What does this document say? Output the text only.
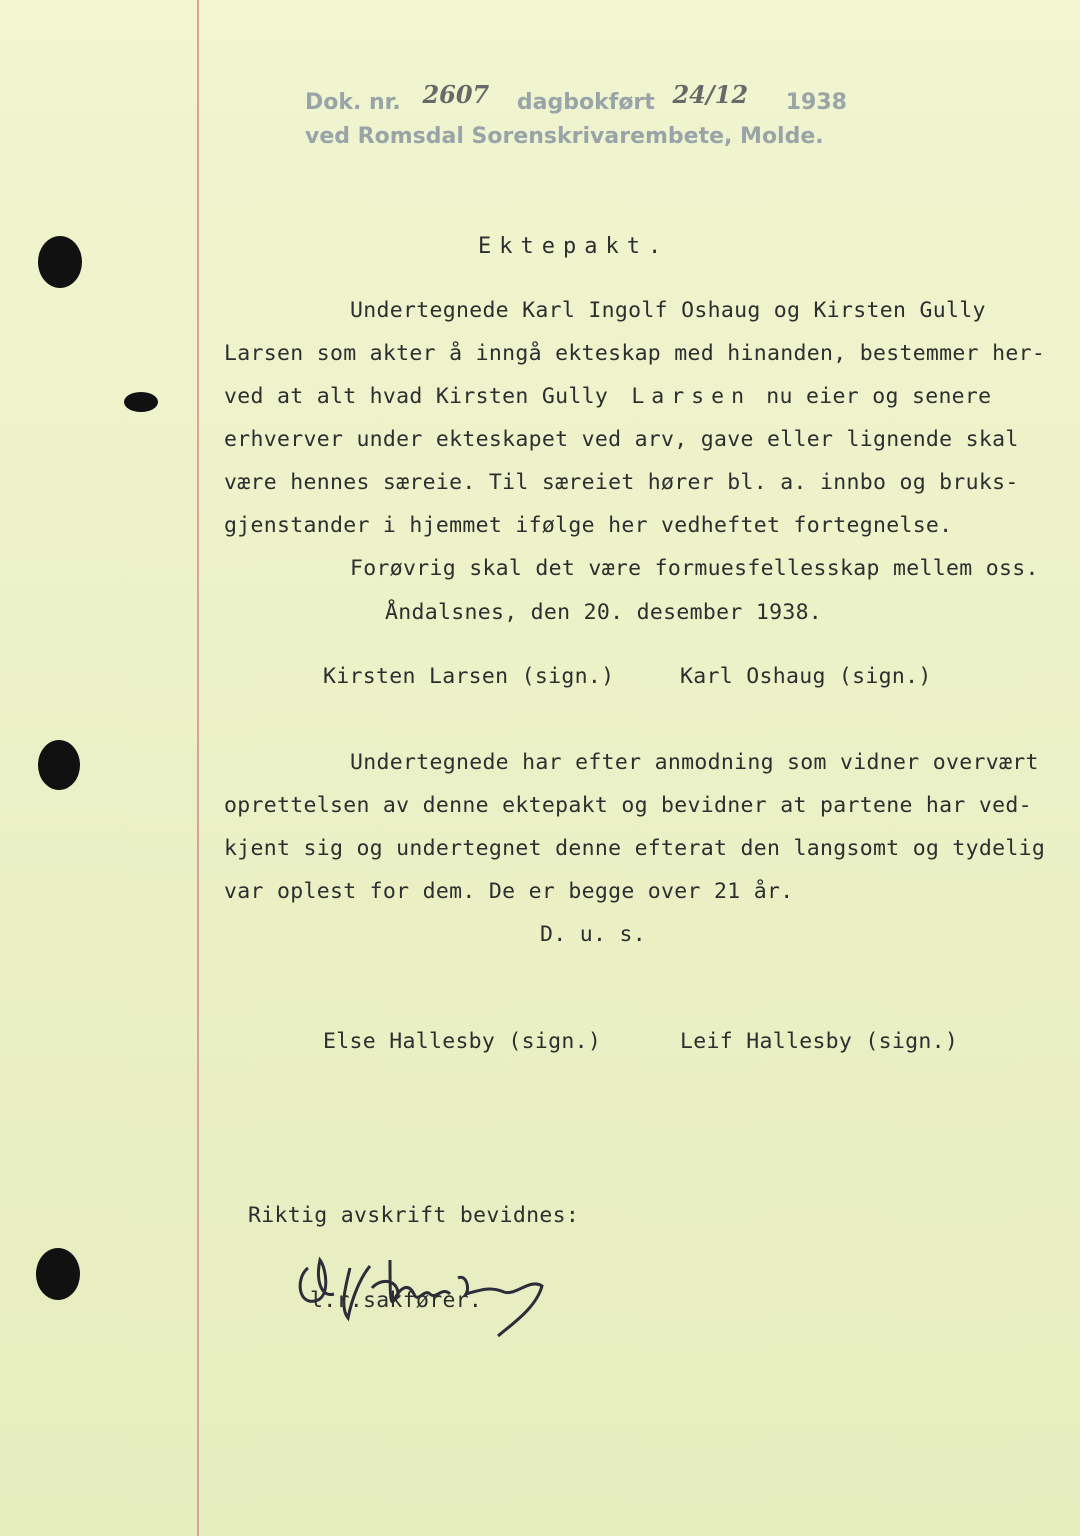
Dok. nr. 2607 dagbokført 24/12 1938
ved Romsdal Sorenskrivarembete, Molde.
Ektepakt.
Undertegnede Karl Ingolf Oshaug og Kirsten Gully
Larsen som akter å inngå ekteskap med hinanden, bestemmer her-
ved at alt hvad Kirsten Gully Larsen nu eier og senere
erhverver under ekteskapet ved arv, gave eller lignende skal
være hennes særeie. Til særeiet hører bl. a. innbo og bruks-
gjenstander i hjemmet ifølge her vedheftet fortegnelse.
Forøvrig skal det være formuesfellesskap mellem oss.
Åndalsnes, den 20. desember 1938.
Kirsten Larsen (sign.)	Karl Oshaug (sign.)
Undertegnede har efter anmodning som vidner overvært
oprettelsen av denne ektepakt og bevidner at partene har ved-
kjent sig og undertegnet denne efterat den langsomt og tydelig
var oplest for dem. De er begge over 21 år.
D. u. s.
Else Hallesby (sign.)	Leif Hallesby (sign.)
Riktig avskrift bevidnes:
l.r.sakfører.
